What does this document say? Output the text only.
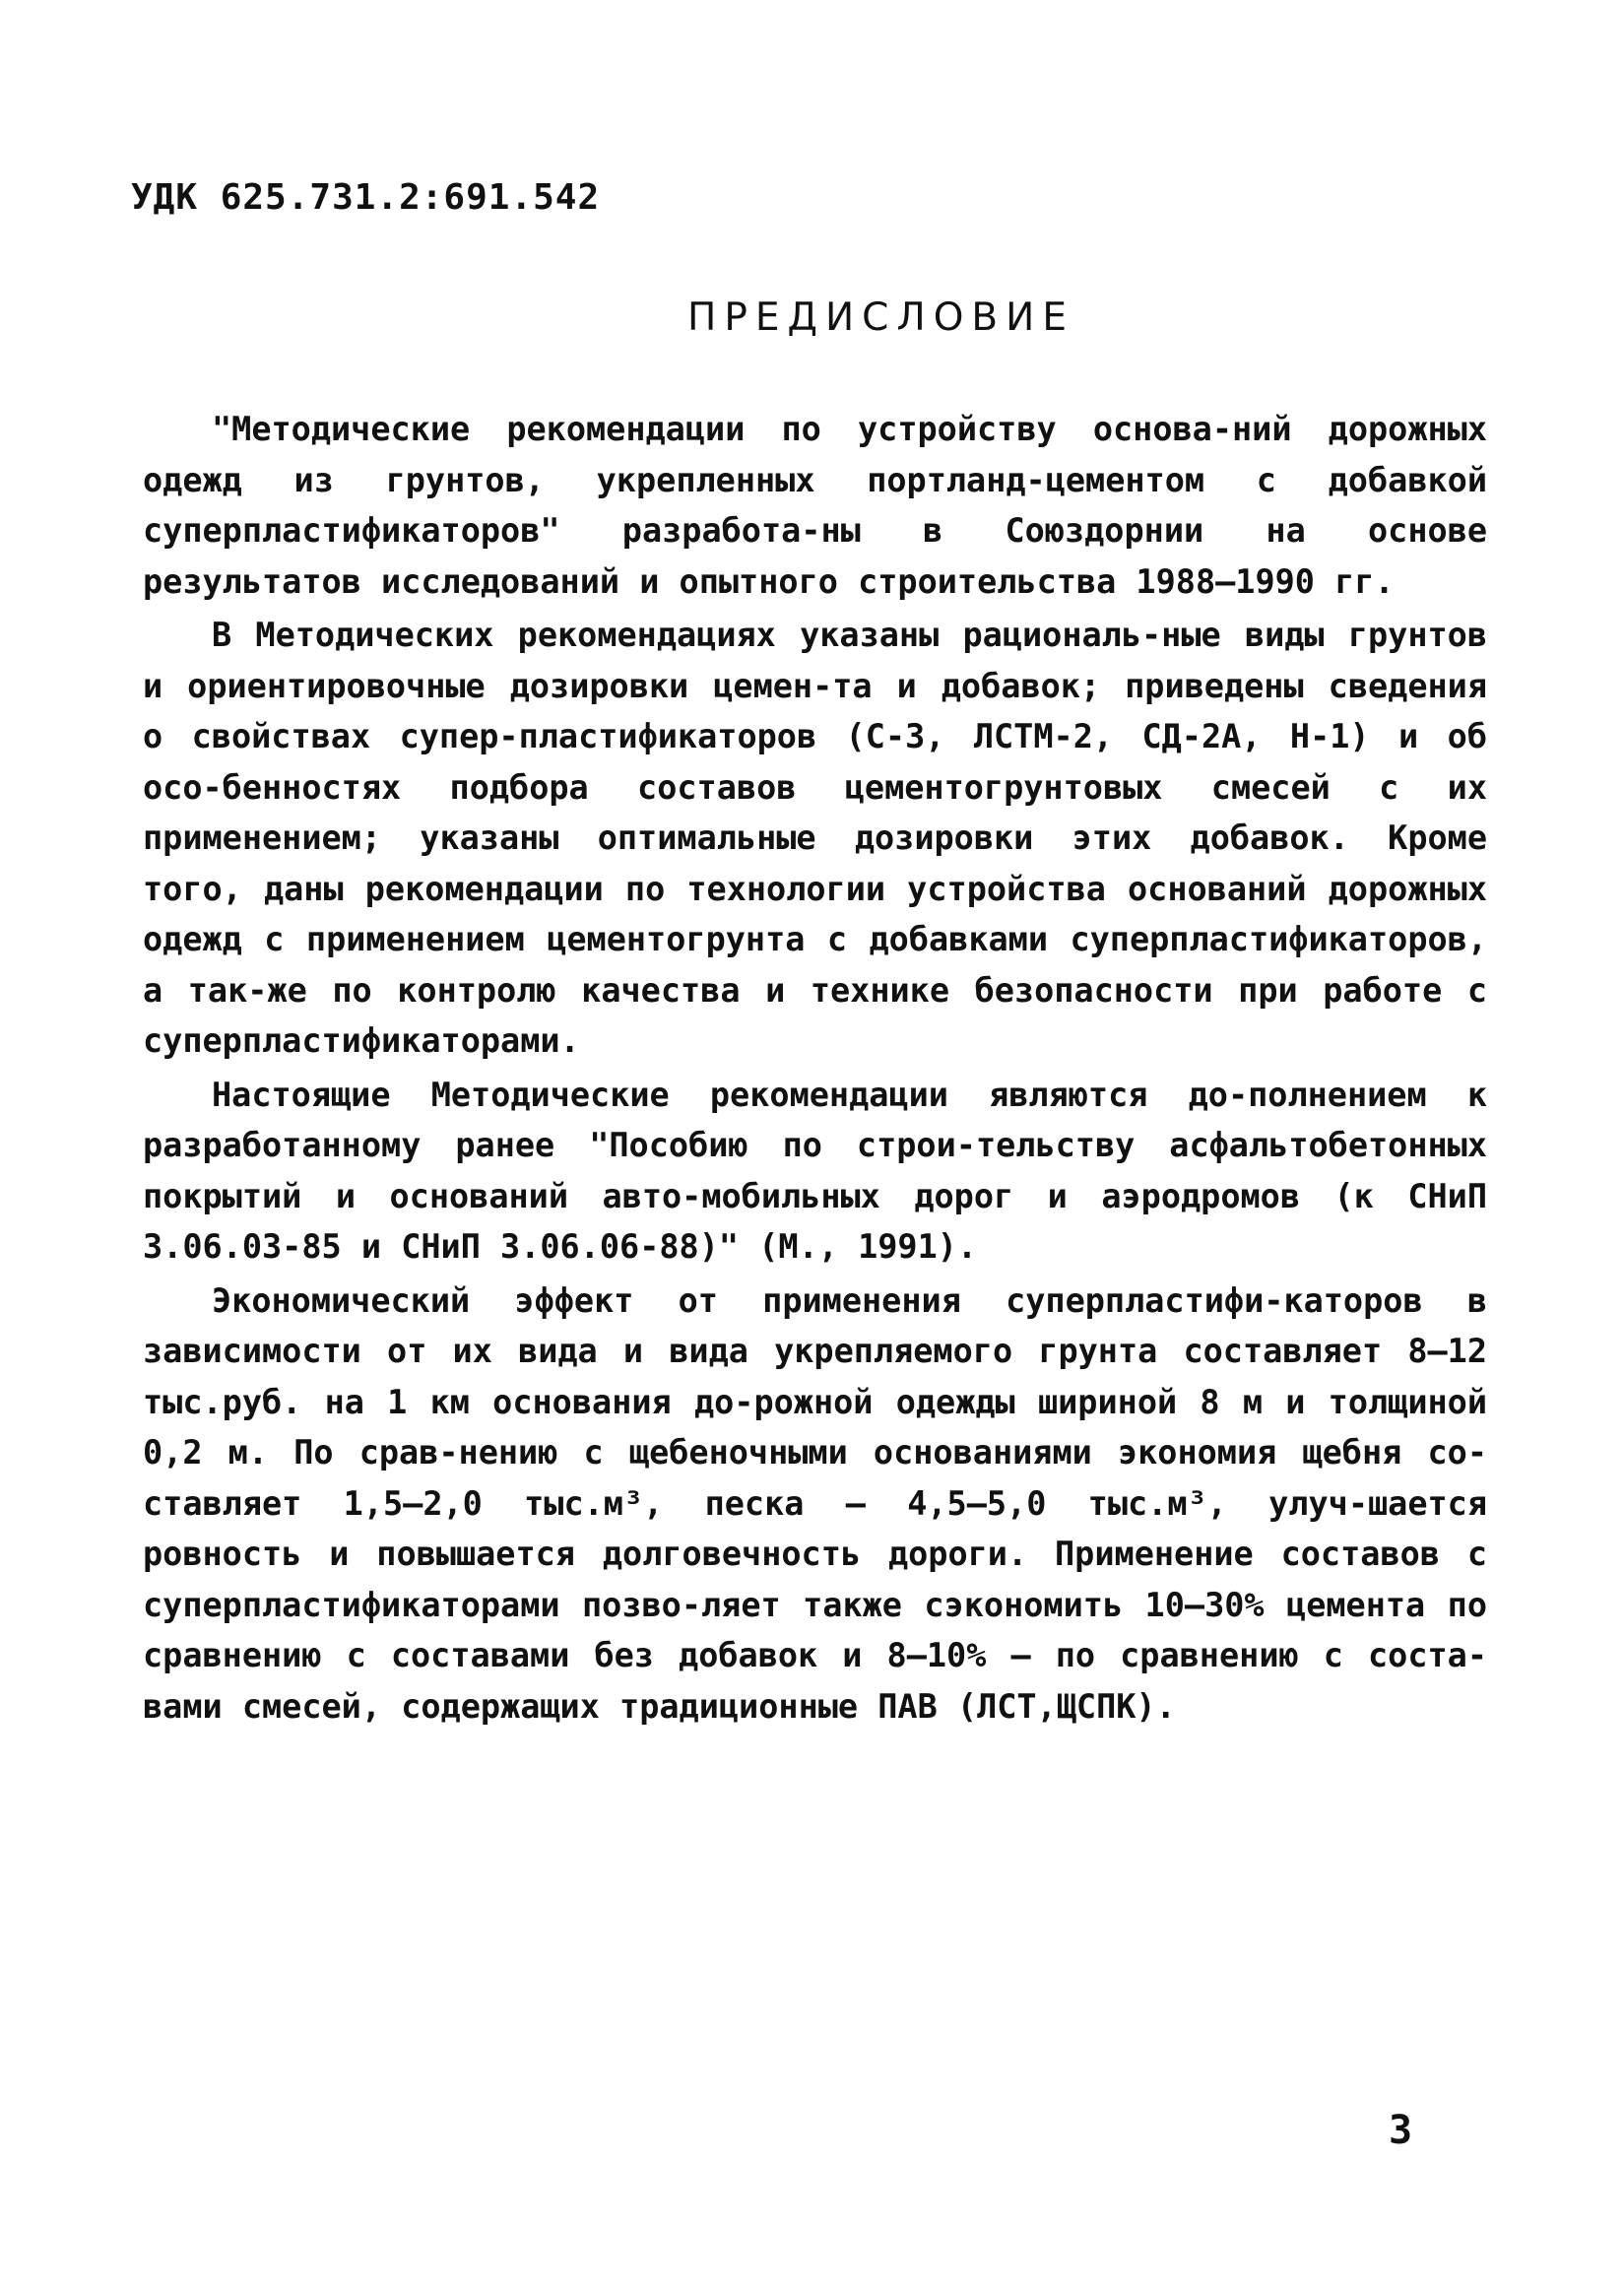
УДК 625.731.2:691.542

ПРЕДИСЛОВИЕ

"Методические рекомендации по устройству основа-ний дорожных одежд из грунтов, укрепленных портланд-цементом с добавкой суперпластификаторов" разработа-ны в Союздорнии на основе результатов исследований и опытного строительства 1988–1990 гг.

В Методических рекомендациях указаны рациональ-ные виды грунтов и ориентировочные дозировки цемен-та и добавок; приведены сведения о свойствах супер-пластификаторов (С-3, ЛСТМ-2, СД-2А, Н-1) и об осо-бенностях подбора составов цементогрунтовых смесей с их применением; указаны оптимальные дозировки этих добавок. Кроме того, даны рекомендации по технологии устройства оснований дорожных одежд с применением цементогрунта с добавками суперпластификаторов, а так-же по контролю качества и технике безопасности при работе с суперпластификаторами.

Настоящие Методические рекомендации являются до-полнением к разработанному ранее "Пособию по строи-тельству асфальтобетонных покрытий и оснований авто-мобильных дорог и аэродромов (к СНиП 3.06.03-85 и СНиП 3.06.06-88)" (М., 1991).

Экономический эффект от применения суперпластифи-каторов в зависимости от их вида и вида укрепляемого грунта составляет 8–12 тыс.руб. на 1 км основания до-рожной одежды шириной 8 м и толщиной 0,2 м. По срав-нению с щебеночными основаниями экономия щебня со-ставляет 1,5–2,0 тыс.м³, песка – 4,5–5,0 тыс.м³, улуч-шается ровность и повышается долговечность дороги. Применение составов с суперпластификаторами позво-ляет также сэкономить 10–30% цемента по сравнению с составами без добавок и 8–10% – по сравнению с соста-вами смесей, содержащих традиционные ПАВ (ЛСТ,ЩСПК).

3
